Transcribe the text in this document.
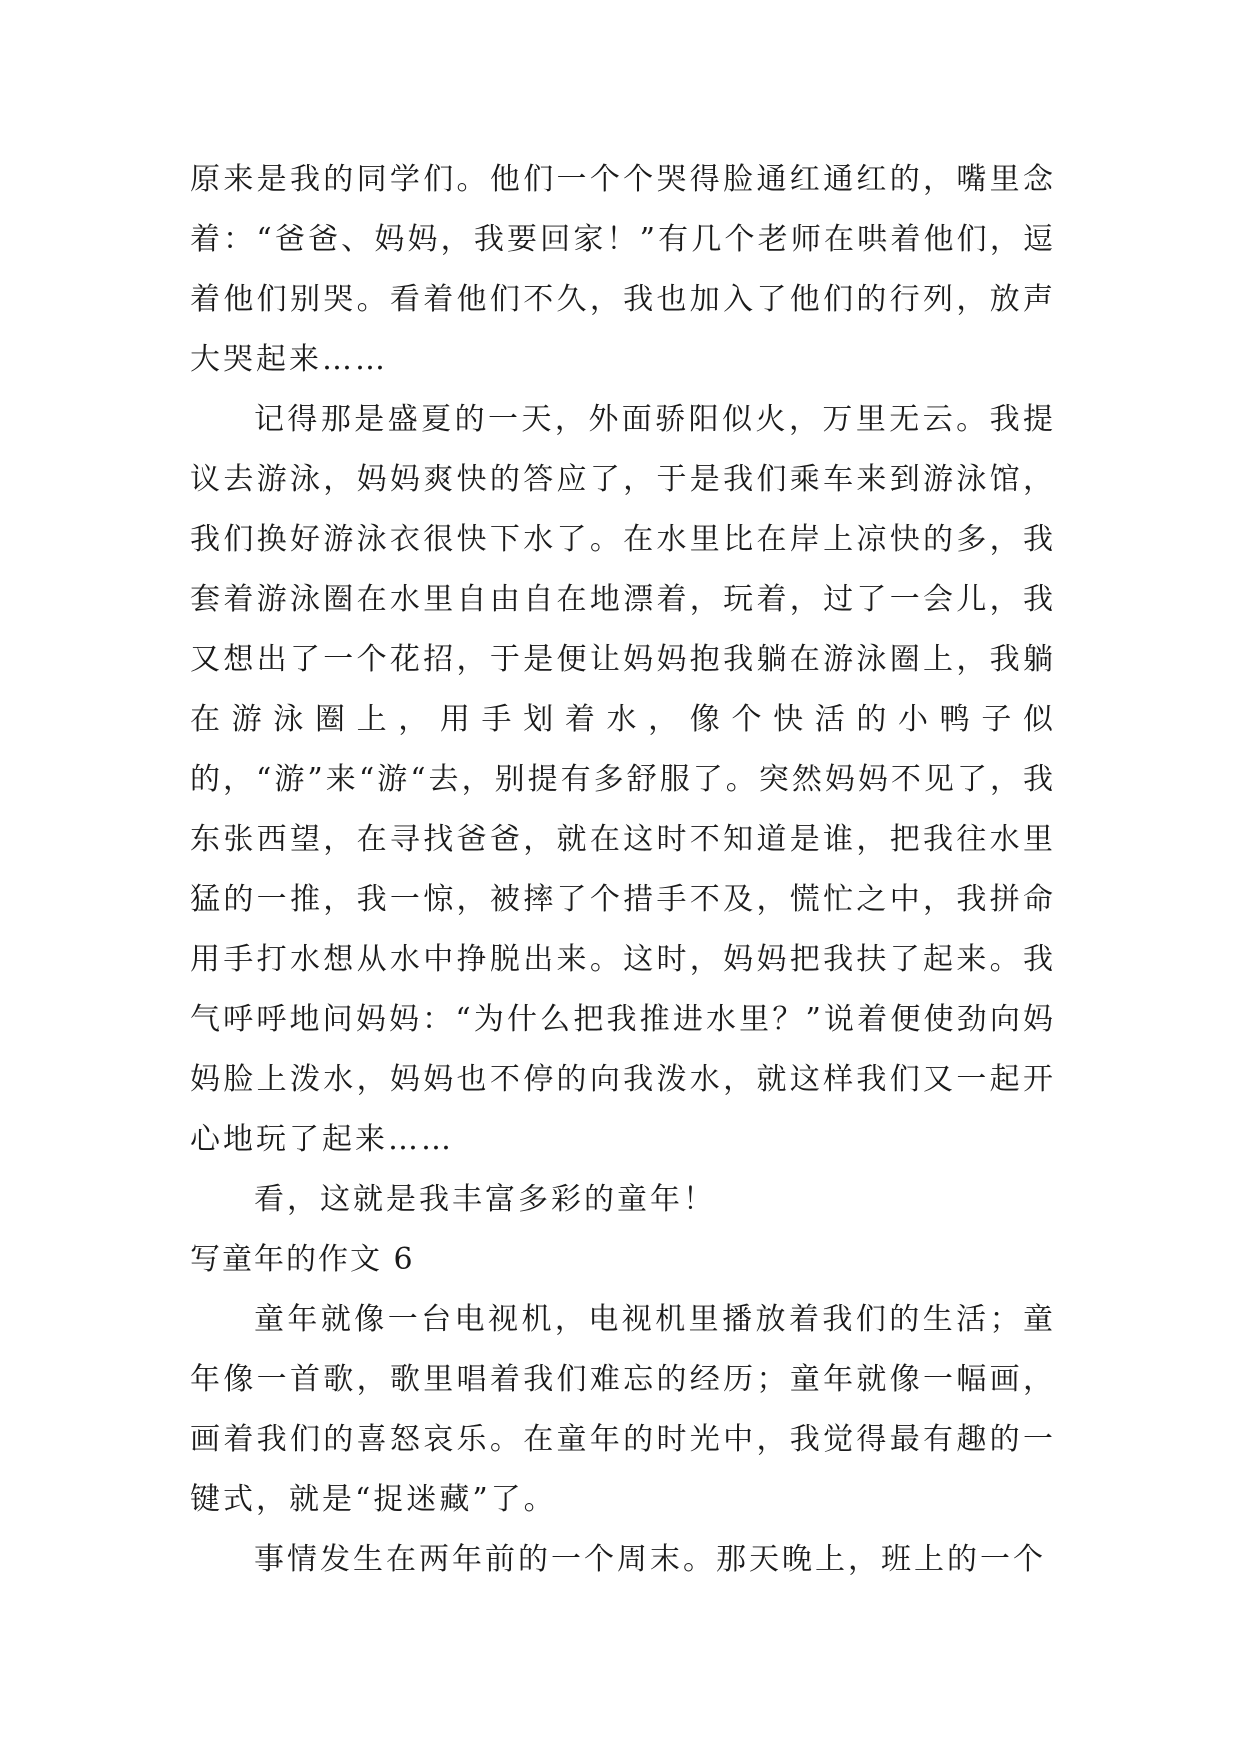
原来是我的同学们。他们一个个哭得脸通红通红的，嘴里念着：“爸爸、妈妈，我要回家！”有几个老师在哄着他们，逗着他们别哭。看着他们不久，我也加入了他们的行列，放声大哭起来……

记得那是盛夏的一天，外面骄阳似火，万里无云。我提议去游泳，妈妈爽快的答应了，于是我们乘车来到游泳馆，我们换好游泳衣很快下水了。在水里比在岸上凉快的多，我套着游泳圈在水里自由自在地漂着，玩着，过了一会儿，我又想出了一个花招，于是便让妈妈抱我躺在游泳圈上，我躺在游泳圈上，用手划着水，像个快活的小鸭子似的，“游”来“游“去，别提有多舒服了。突然妈妈不见了，我东张西望，在寻找爸爸，就在这时不知道是谁，把我往水里猛的一推，我一惊，被摔了个措手不及，慌忙之中，我拼命用手打水想从水中挣脱出来。这时，妈妈把我扶了起来。我气呼呼地问妈妈：“为什么把我推进水里？”说着便使劲向妈妈脸上泼水，妈妈也不停的向我泼水，就这样我们又一起开心地玩了起来……

看，这就是我丰富多彩的童年！

写童年的作文 6

童年就像一台电视机，电视机里播放着我们的生活；童年像一首歌，歌里唱着我们难忘的经历；童年就像一幅画，画着我们的喜怒哀乐。在童年的时光中，我觉得最有趣的一键式，就是“捉迷藏”了。

事情发生在两年前的一个周末。那天晚上，班上的一个
